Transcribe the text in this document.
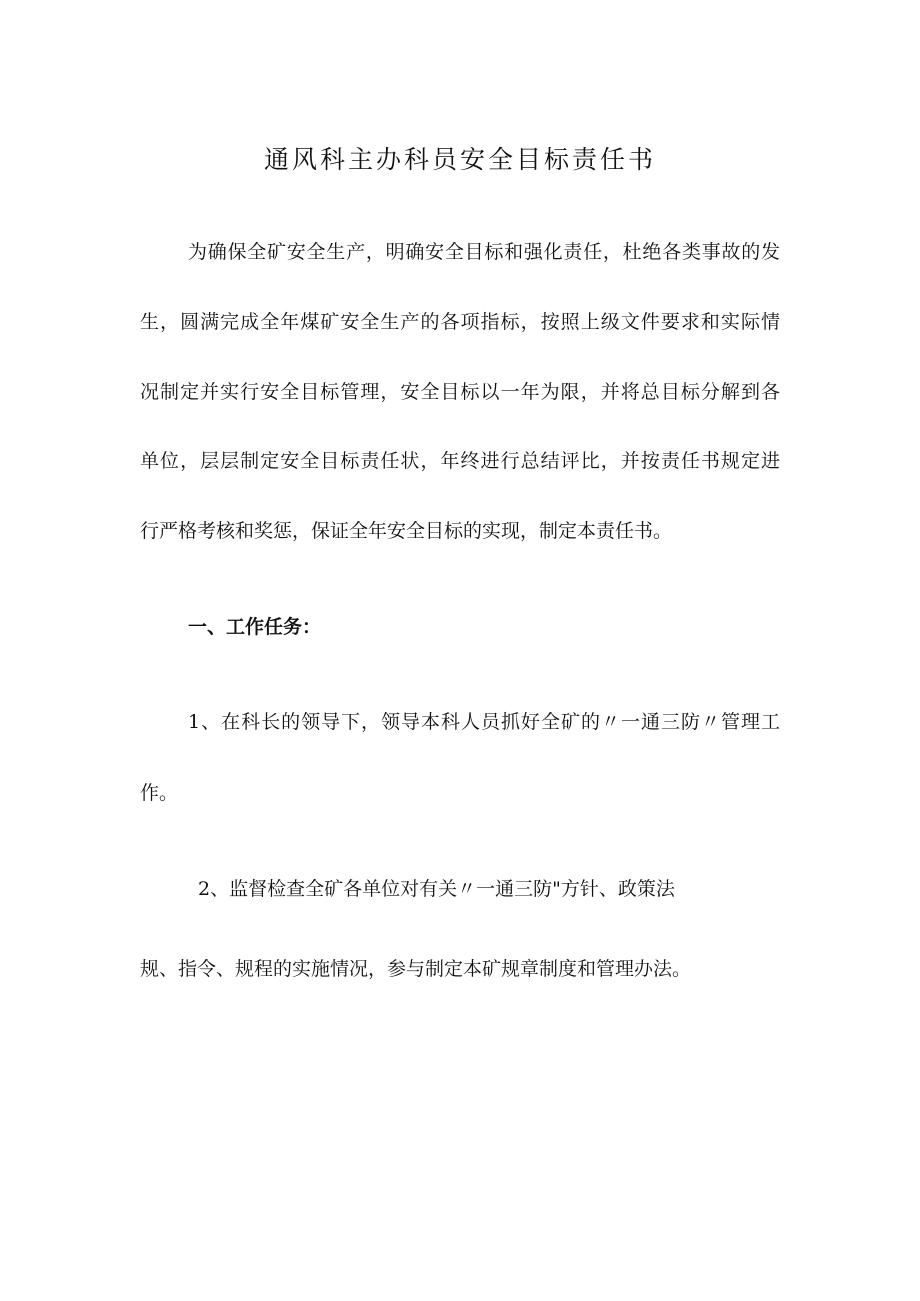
通风科主办科员安全目标责任书
为确保全矿安全生产，明确安全目标和强化责任，杜绝各类事故的发
生，圆满完成全年煤矿安全生产的各项指标，按照上级文件要求和实际情
况制定并实行安全目标管理，安全目标以一年为限，并将总目标分解到各
单位，层层制定安全目标责任状，年终进行总结评比，并按责任书规定进
行严格考核和奖惩，保证全年安全目标的实现，制定本责任书。
一、工作任务：
1、在科长的领导下，领导本科人员抓好全矿的〃一通三防〃管理工
作。
2、监督检查全矿各单位对有关〃一通三防"方针、政策法
规、指令、规程的实施情况，参与制定本矿规章制度和管理办法。
